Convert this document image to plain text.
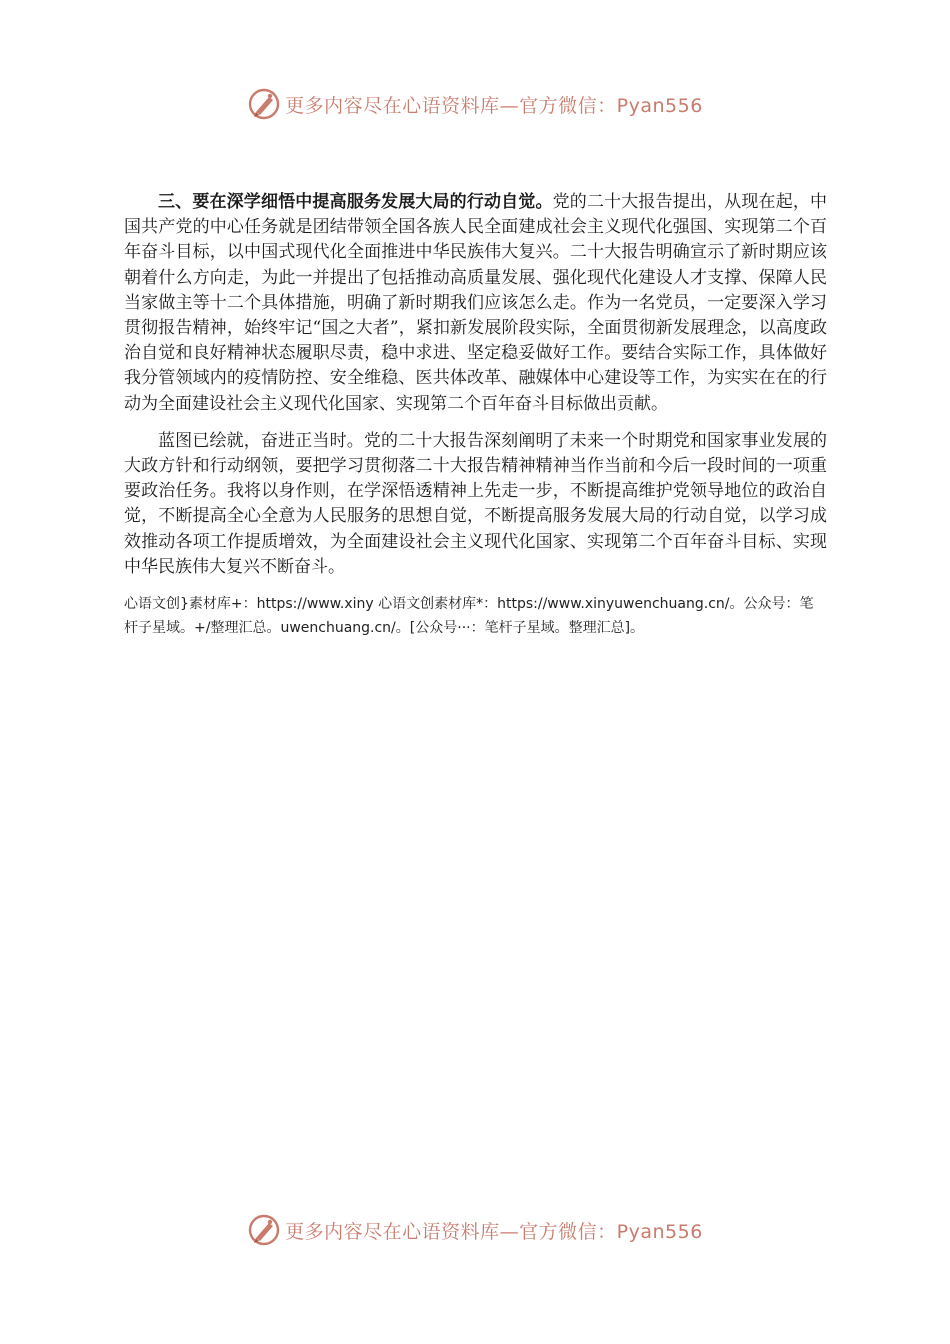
更多内容尽在心语资料库—官方微信：Pyan556

三、要在深学细悟中提高服务发展大局的行动自觉。党的二十大报告提出，从现在起，中国共产党的中心任务就是团结带领全国各族人民全面建成社会主义现代化强国、实现第二个百年奋斗目标，以中国式现代化全面推进中华民族伟大复兴。二十大报告明确宣示了新时期应该朝着什么方向走，为此一并提出了包括推动高质量发展、强化现代化建设人才支撑、保障人民当家做主等十二个具体措施，明确了新时期我们应该怎么走。作为一名党员，一定要深入学习贯彻报告精神，始终牢记“国之大者”，紧扣新发展阶段实际，全面贯彻新发展理念，以高度政治自觉和良好精神状态履职尽责，稳中求进、坚定稳妥做好工作。要结合实际工作，具体做好我分管领域内的疫情防控、安全维稳、医共体改革、融媒体中心建设等工作，为实实在在的行动为全面建设社会主义现代化国家、实现第二个百年奋斗目标做出贡献。

蓝图已绘就，奋进正当时。党的二十大报告深刻阐明了未来一个时期党和国家事业发展的大政方针和行动纲领，要把学习贯彻落二十大报告精神精神当作当前和今后一段时间的一项重要政治任务。我将以身作则，在学深悟透精神上先走一步，不断提高维护党领导地位的政治自觉，不断提高全心全意为人民服务的思想自觉，不断提高服务发展大局的行动自觉，以学习成效推动各项工作提质增效，为全面建设社会主义现代化国家、实现第二个百年奋斗目标、实现中华民族伟大复兴不断奋斗。

心语文创}素材库+：https://www.xiny 心语文创素材库*：https://www.xinyuwenchuang.cn/。公众号：笔杆子星域。+/整理汇总。uwenchuang.cn/。[公众号···：笔杆子星域。整理汇总]。

更多内容尽在心语资料库—官方微信：Pyan556
